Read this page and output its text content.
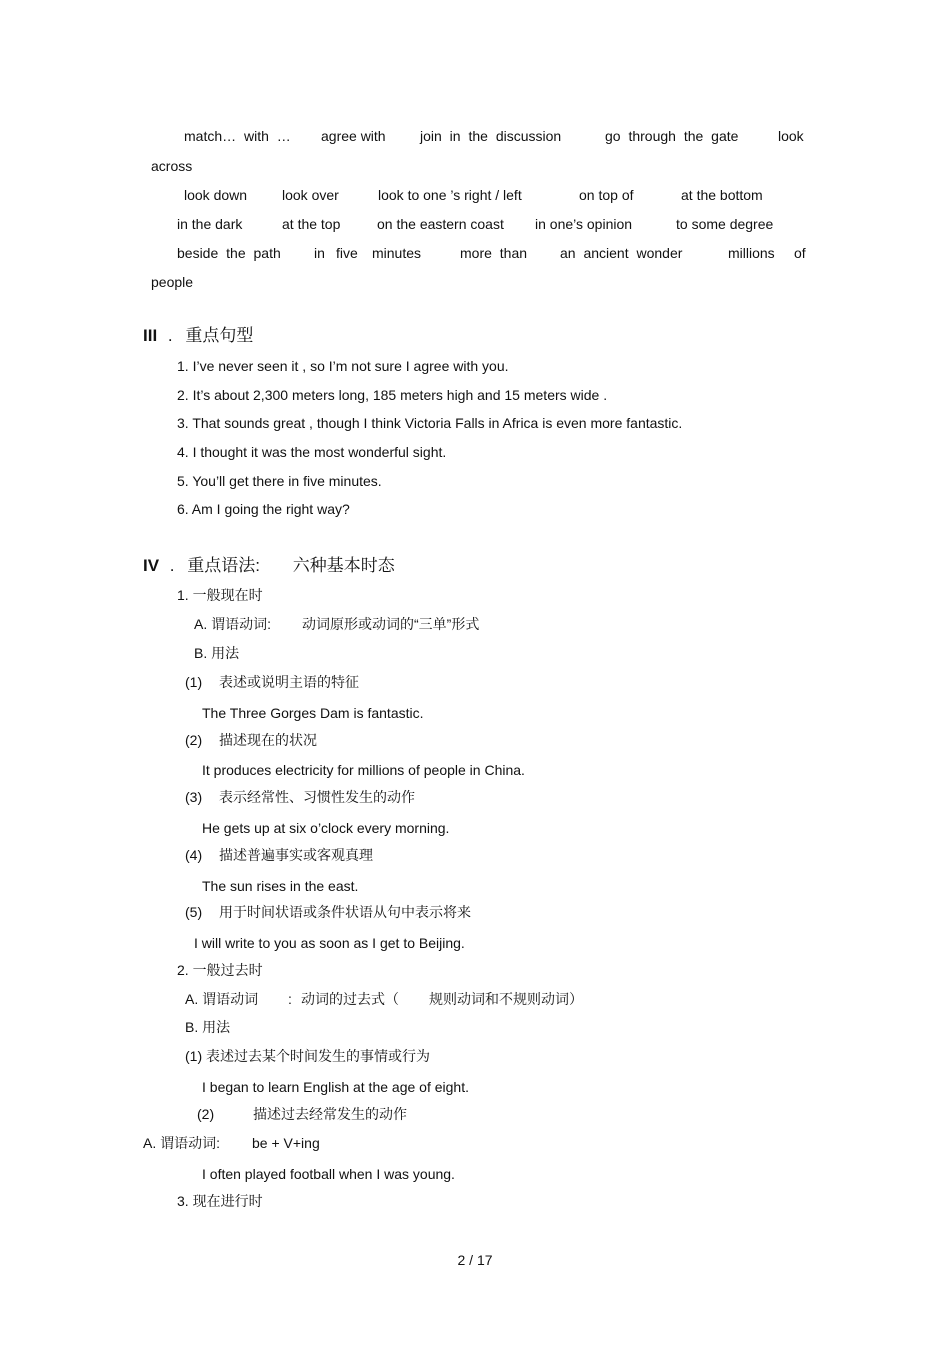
match… with … agree with join in the discussion	go through the gate	look
across
look down look over	look to one ’s right / left	on top of	at the bottom
in the dark	at the top	on the eastern coast in one’s opinion	to some degree
beside the path in five minutes	more than an ancient wonder	millions of
people
III . 重点句型
1. I’ve never seen it , so I’m not sure I agree with you.
2. It’s about 2,300 meters long, 185 meters high and 15 meters wide .
3. That sounds great , though I think Victoria Falls in Africa is even more fantastic.
4. I thought it was the most wonderful sight.
5. You’ll get there in five minutes.
6. Am I going the right way?
IV . 重点语法: 六种基本时态
1. 一般现在时
A. 谓语动词: 动词原形或动词的“三单”形式
B. 用法
(1) 表述或说明主语的特征
The Three Gorges Dam is fantastic.
(2) 描述现在的状况
It produces electricity for millions of people in China.
(3) 表示经常性、习惯性发生的动作
He gets up at six o’clock every morning.
(4) 描述普遍事实或客观真理
The sun rises in the east.
(5) 用于时间状语或条件状语从句中表示将来
I will write to you as soon as I get to Beijing.
2. 一般过去时
A. 谓语动词 : 动词的过去式（ 规则动词和不规则动词）
B. 用法
(1) 表述过去某个时间发生的事情或行为
I began to learn English at the age of eight.
(2)	描述过去经常发生的动作
A. 谓语动词: be + V+ing
I often played football when I was young.
3. 现在进行时
2 / 17
